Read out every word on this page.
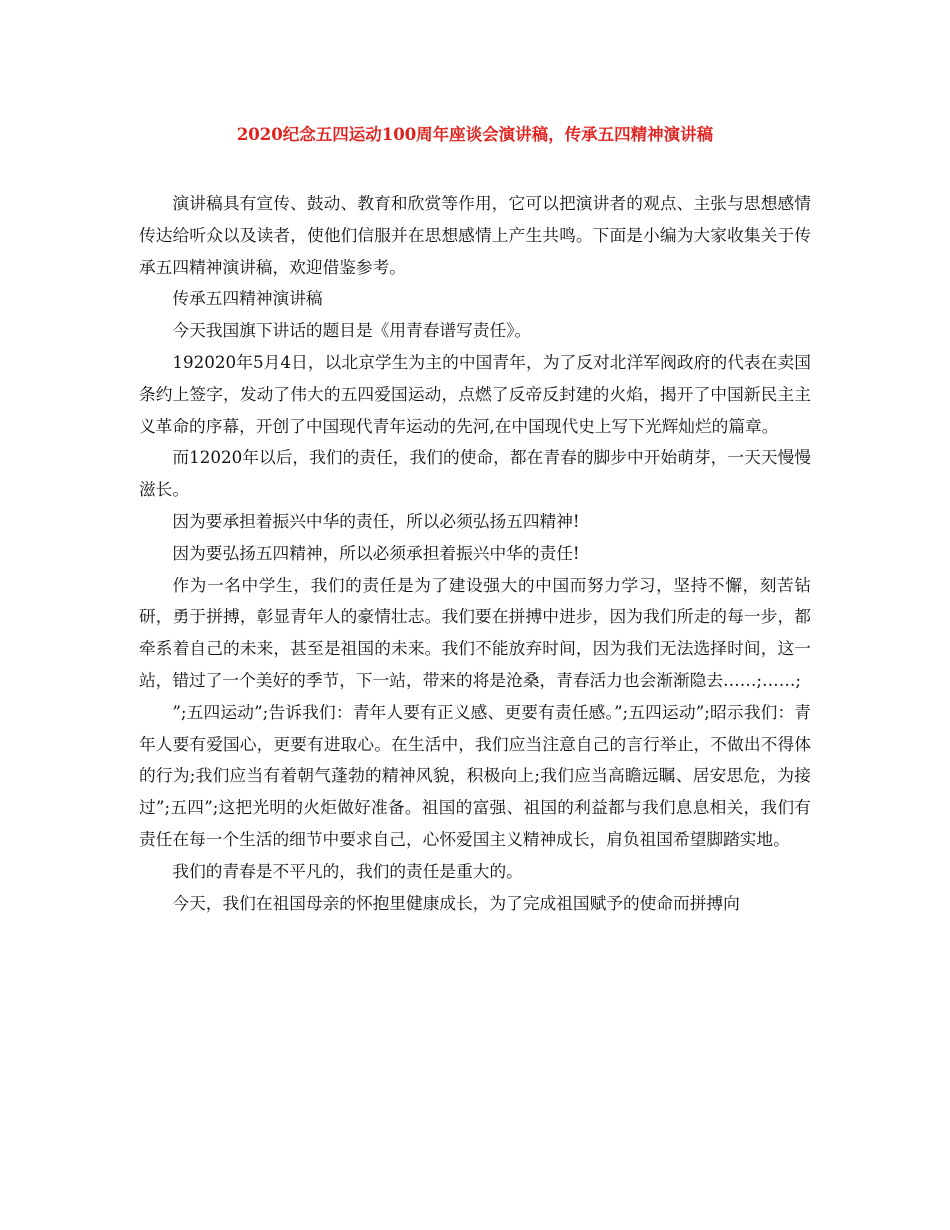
2020纪念五四运动100周年座谈会演讲稿，传承五四精神演讲稿

演讲稿具有宣传、鼓动、教育和欣赏等作用，它可以把演讲者的观点、主张与思想感情传达给听众以及读者，使他们信服并在思想感情上产生共鸣。下面是小编为大家收集关于传承五四精神演讲稿，欢迎借鉴参考。

传承五四精神演讲稿

今天我国旗下讲话的题目是《用青春谱写责任》。

192020年5月4日，以北京学生为主的中国青年，为了反对北洋军阀政府的代表在卖国条约上签字，发动了伟大的五四爱国运动，点燃了反帝反封建的火焰，揭开了中国新民主主义革命的序幕，开创了中国现代青年运动的先河,在中国现代史上写下光辉灿烂的篇章。

而12020年以后，我们的责任，我们的使命，都在青春的脚步中开始萌芽，一天天慢慢滋长。

因为要承担着振兴中华的责任，所以必须弘扬五四精神!

因为要弘扬五四精神，所以必须承担着振兴中华的责任!

作为一名中学生，我们的责任是为了建设强大的中国而努力学习，坚持不懈，刻苦钻研，勇于拼搏，彰显青年人的豪情壮志。我们要在拼搏中进步，因为我们所走的每一步，都牵系着自己的未来，甚至是祖国的未来。我们不能放弃时间，因为我们无法选择时间，这一站，错过了一个美好的季节，下一站，带来的将是沧桑，青春活力也会渐渐隐去……;……;

”;五四运动”;告诉我们：青年人要有正义感、更要有责任感。”;五四运动”;昭示我们：青年人要有爱国心，更要有进取心。在生活中，我们应当注意自己的言行举止，不做出不得体的行为;我们应当有着朝气蓬勃的精神风貌，积极向上;我们应当高瞻远瞩、居安思危，为接过”;五四”;这把光明的火炬做好准备。祖国的富强、祖国的利益都与我们息息相关，我们有责任在每一个生活的细节中要求自己，心怀爱国主义精神成长，肩负祖国希望脚踏实地。

我们的青春是不平凡的，我们的责任是重大的。

今天，我们在祖国母亲的怀抱里健康成长，为了完成祖国赋予的使命而拼搏向
